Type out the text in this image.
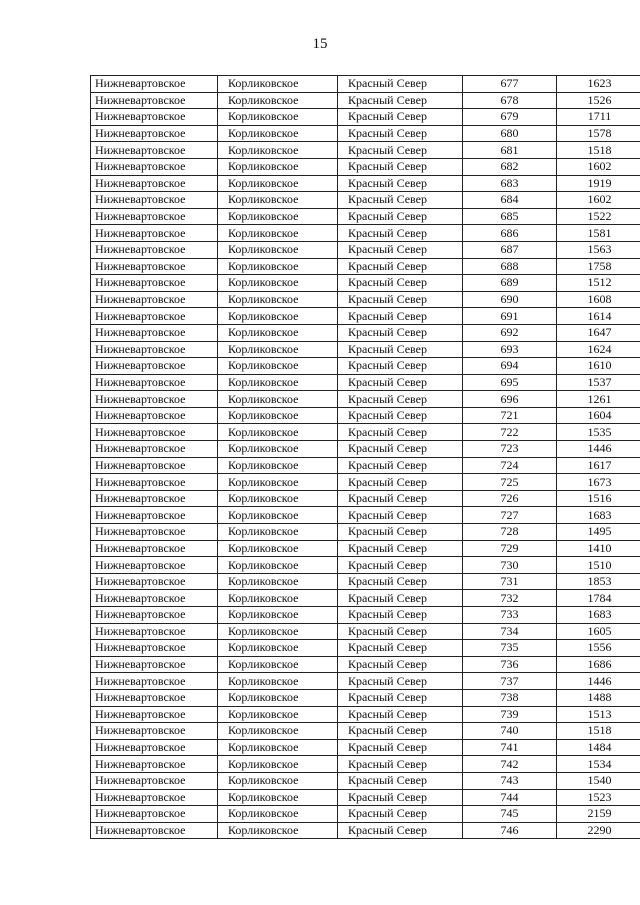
15
Нижневартовское	Корликовское	Красный Север	677	1623
Нижневартовское	Корликовское	Красный Север	678	1526
Нижневартовское	Корликовское	Красный Север	679	1711
Нижневартовское	Корликовское	Красный Север	680	1578
Нижневартовское	Корликовское	Красный Север	681	1518
Нижневартовское	Корликовское	Красный Север	682	1602
Нижневартовское	Корликовское	Красный Север	683	1919
Нижневартовское	Корликовское	Красный Север	684	1602
Нижневартовское	Корликовское	Красный Север	685	1522
Нижневартовское	Корликовское	Красный Север	686	1581
Нижневартовское	Корликовское	Красный Север	687	1563
Нижневартовское	Корликовское	Красный Север	688	1758
Нижневартовское	Корликовское	Красный Север	689	1512
Нижневартовское	Корликовское	Красный Север	690	1608
Нижневартовское	Корликовское	Красный Север	691	1614
Нижневартовское	Корликовское	Красный Север	692	1647
Нижневартовское	Корликовское	Красный Север	693	1624
Нижневартовское	Корликовское	Красный Север	694	1610
Нижневартовское	Корликовское	Красный Север	695	1537
Нижневартовское	Корликовское	Красный Север	696	1261
Нижневартовское	Корликовское	Красный Север	721	1604
Нижневартовское	Корликовское	Красный Север	722	1535
Нижневартовское	Корликовское	Красный Север	723	1446
Нижневартовское	Корликовское	Красный Север	724	1617
Нижневартовское	Корликовское	Красный Север	725	1673
Нижневартовское	Корликовское	Красный Север	726	1516
Нижневартовское	Корликовское	Красный Север	727	1683
Нижневартовское	Корликовское	Красный Север	728	1495
Нижневартовское	Корликовское	Красный Север	729	1410
Нижневартовское	Корликовское	Красный Север	730	1510
Нижневартовское	Корликовское	Красный Север	731	1853
Нижневартовское	Корликовское	Красный Север	732	1784
Нижневартовское	Корликовское	Красный Север	733	1683
Нижневартовское	Корликовское	Красный Север	734	1605
Нижневартовское	Корликовское	Красный Север	735	1556
Нижневартовское	Корликовское	Красный Север	736	1686
Нижневартовское	Корликовское	Красный Север	737	1446
Нижневартовское	Корликовское	Красный Север	738	1488
Нижневартовское	Корликовское	Красный Север	739	1513
Нижневартовское	Корликовское	Красный Север	740	1518
Нижневартовское	Корликовское	Красный Север	741	1484
Нижневартовское	Корликовское	Красный Север	742	1534
Нижневартовское	Корликовское	Красный Север	743	1540
Нижневартовское	Корликовское	Красный Север	744	1523
Нижневартовское	Корликовское	Красный Север	745	2159
Нижневартовское	Корликовское	Красный Север	746	2290
